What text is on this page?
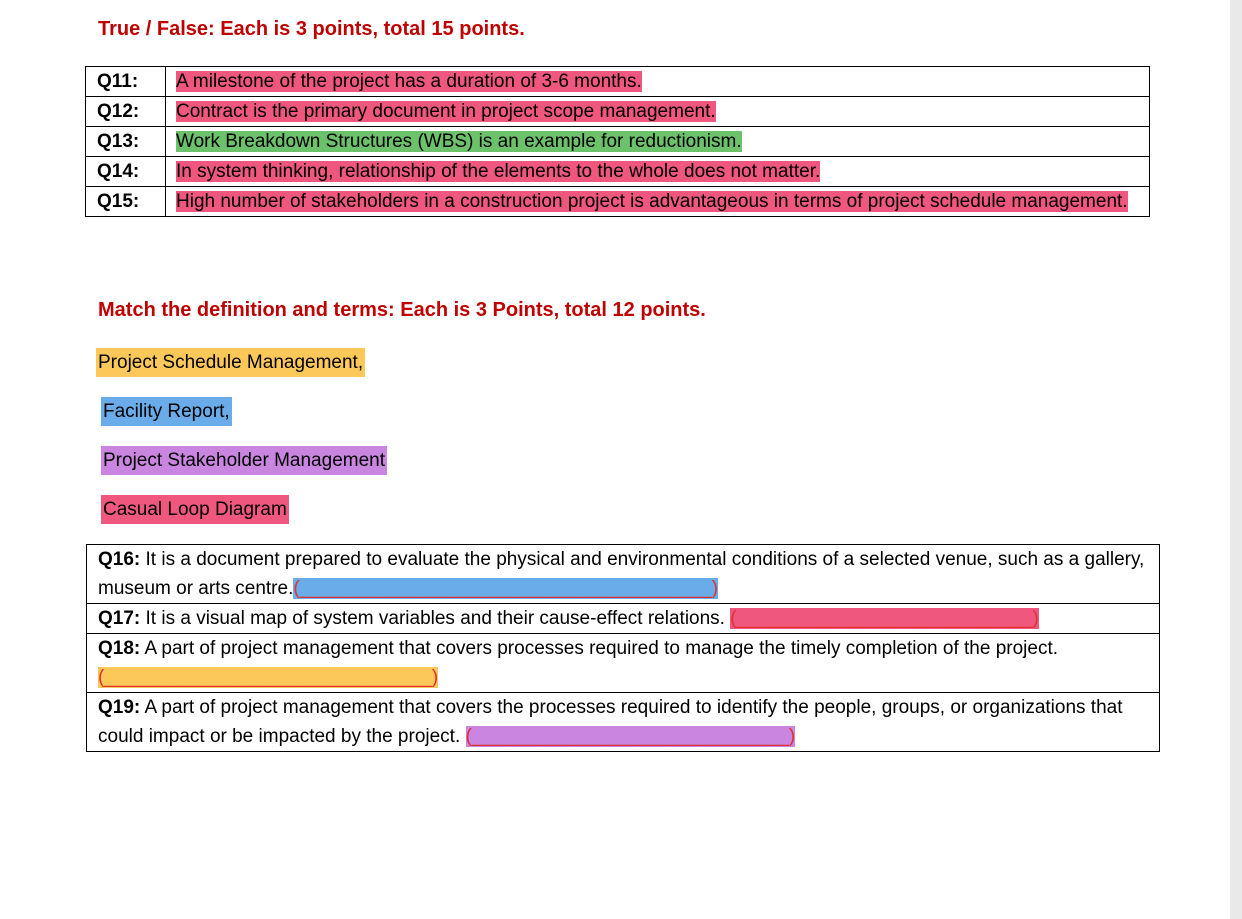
True / False: Each is 3 points, total 15 points.
Q11:	A milestone of the project has a duration of 3-6 months.
Q12:	Contract is the primary document in project scope management.
Q13:	Work Breakdown Structures (WBS) is an example for reductionism.
Q14:	In system thinking, relationship of the elements to the whole does not matter.
Q15:	High number of stakeholders in a construction project is advantageous in terms of project schedule management.
Match the definition and terms: Each is 3 Points, total 12 points.
Project Schedule Management,
Facility Report,
Project Stakeholder Management
Casual Loop Diagram
Q16: It is a document prepared to evaluate the physical and environmental conditions of a selected venue, such as a gallery, museum or arts centre.(_______________________________________)
Q17: It is a visual map of system variables and their cause-effect relations. (____________________________)
Q18: A part of project management that covers processes required to manage the timely completion of the project. (_______________________________)
Q19: A part of project management that covers the processes required to identify the people, groups, or organizations that could impact or be impacted by the project. (______________________________)
